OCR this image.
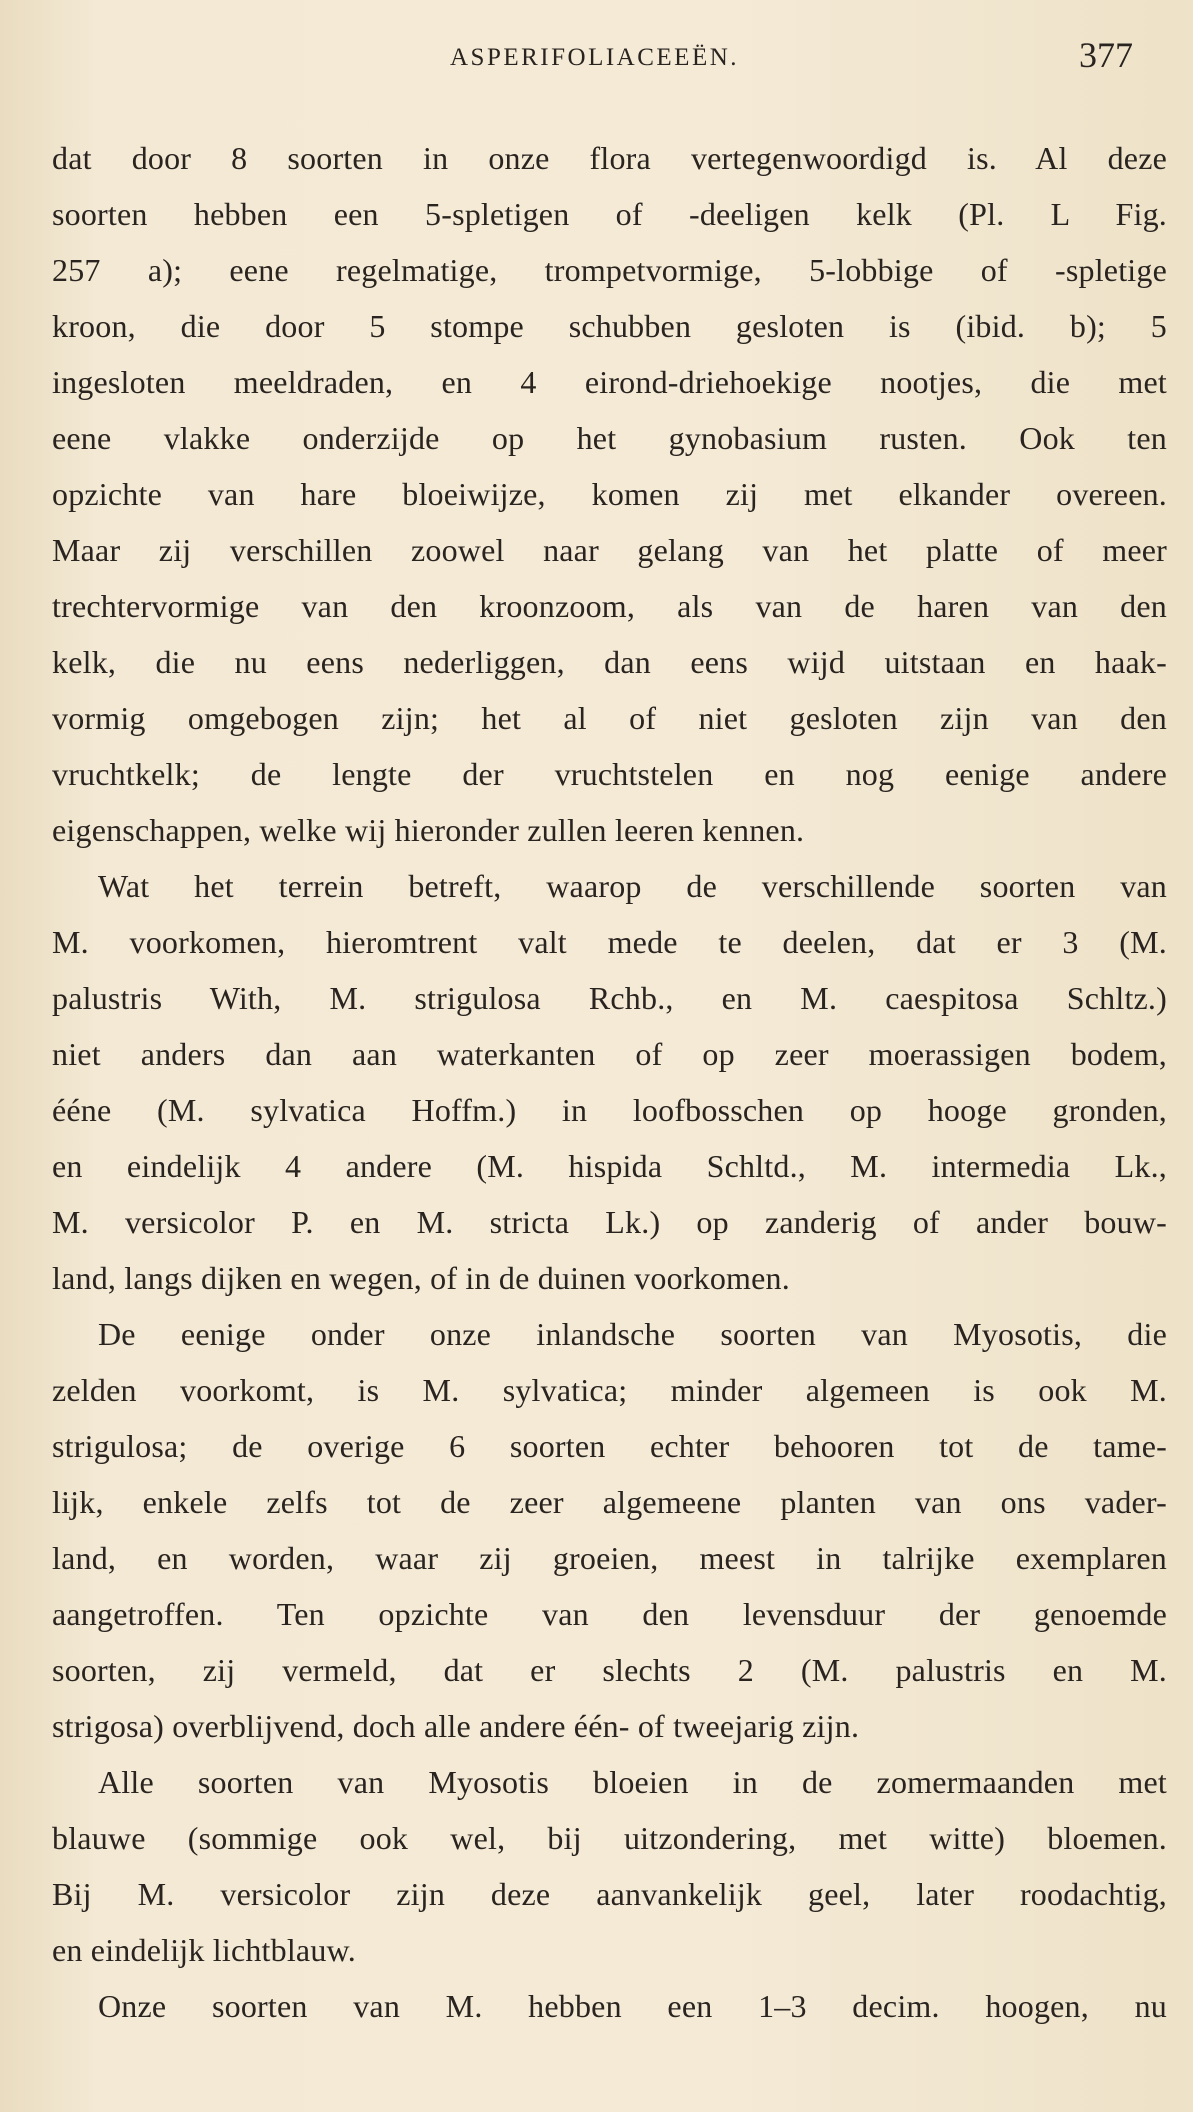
ASPERIFOLIACEEËN.	377

dat door 8 soorten in onze flora vertegenwoordigd is. Al deze
soorten hebben een 5-spletigen of -deeligen kelk (Pl. L Fig.
257 a); eene regelmatige, trompetvormige, 5-lobbige of -spletige
kroon, die door 5 stompe schubben gesloten is (ibid. b); 5
ingesloten meeldraden, en 4 eirond-driehoekige nootjes, die met
eene vlakke onderzijde op het gynobasium rusten. Ook ten
opzichte van hare bloeiwijze, komen zij met elkander overeen.
Maar zij verschillen zoowel naar gelang van het platte of meer
trechtervormige van den kroonzoom, als van de haren van den
kelk, die nu eens nederliggen, dan eens wijd uitstaan en haak-
vormig omgebogen zijn; het al of niet gesloten zijn van den
vruchtkelk; de lengte der vruchtstelen en nog eenige andere
eigenschappen, welke wij hieronder zullen leeren kennen.

Wat het terrein betreft, waarop de verschillende soorten van
M. voorkomen, hieromtrent valt mede te deelen, dat er 3 (M.
palustris With, M. strigulosa Rchb., en M. caespitosa Schltz.)
niet anders dan aan waterkanten of op zeer moerassigen bodem,
ééne (M. sylvatica Hoffm.) in loofbosschen op hooge gronden,
en eindelijk 4 andere (M. hispida Schltd., M. intermedia Lk.,
M. versicolor P. en M. stricta Lk.) op zanderig of ander bouw-
land, langs dijken en wegen, of in de duinen voorkomen.

De eenige onder onze inlandsche soorten van Myosotis, die
zelden voorkomt, is M. sylvatica; minder algemeen is ook M.
strigulosa; de overige 6 soorten echter behooren tot de tame-
lijk, enkele zelfs tot de zeer algemeene planten van ons vader-
land, en worden, waar zij groeien, meest in talrijke exemplaren
aangetroffen. Ten opzichte van den levensduur der genoemde
soorten, zij vermeld, dat er slechts 2 (M. palustris en M.
strigosa) overblijvend, doch alle andere één- of tweejarig zijn.

Alle soorten van Myosotis bloeien in de zomermaanden met
blauwe (sommige ook wel, bij uitzondering, met witte) bloemen.
Bij M. versicolor zijn deze aanvankelijk geel, later roodachtig,
en eindelijk lichtblauw.

Onze soorten van M. hebben een 1–3 decim. hoogen, nu
